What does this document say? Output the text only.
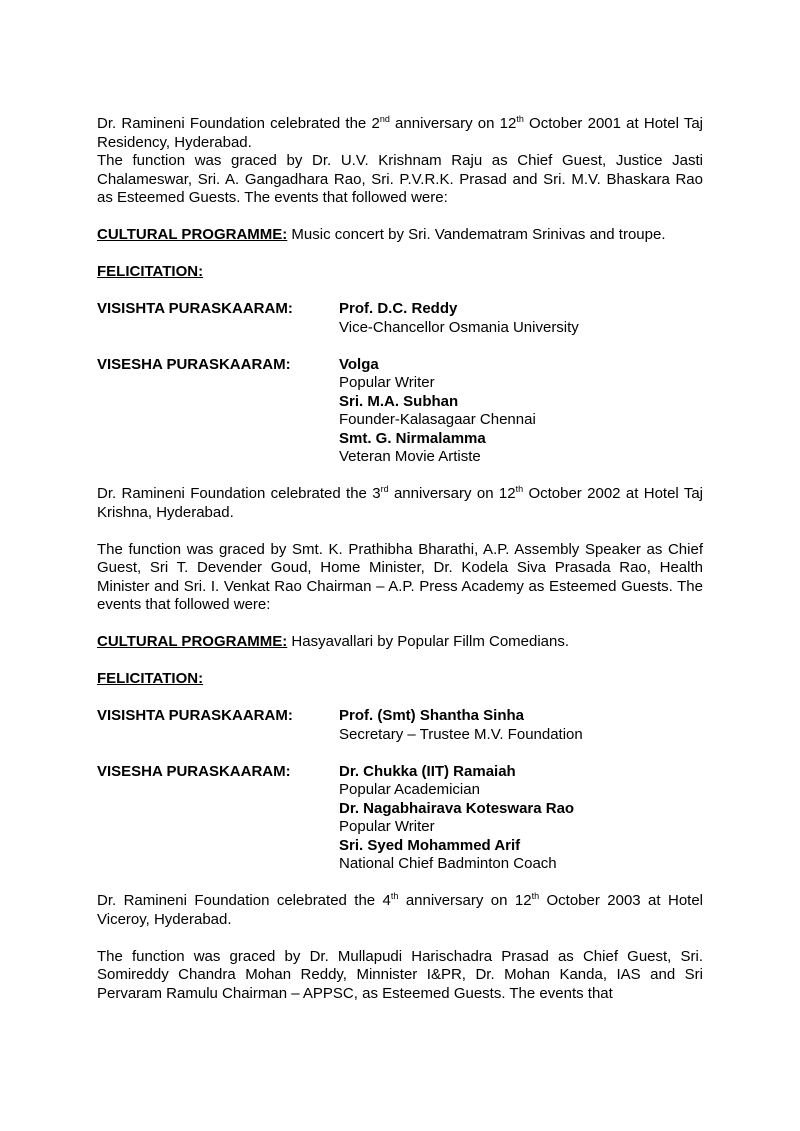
Dr. Ramineni Foundation celebrated the 2nd anniversary on 12th October 2001 at Hotel Taj Residency, Hyderabad.

The function was graced by Dr. U.V. Krishnam Raju as Chief Guest, Justice Jasti Chalameswar, Sri. A. Gangadhara Rao, Sri. P.V.R.K. Prasad and Sri. M.V. Bhaskara Rao as Esteemed Guests. The events that followed were:

CULTURAL PROGRAMME: Music concert by Sri. Vandematram Srinivas and troupe.

FELICITATION:

VISISHTA PURASKAARAM:	Prof. D.C. Reddy
Vice-Chancellor Osmania University
VISESHA PURASKAARAM:	Volga
Popular Writer
Sri. M.A. Subhan
Founder-Kalasagaar Chennai
Smt. G. Nirmalamma
Veteran Movie Artiste

Dr. Ramineni Foundation celebrated the 3rd anniversary on 12th October 2002 at Hotel Taj Krishna, Hyderabad.

The function was graced by Smt. K. Prathibha Bharathi, A.P. Assembly Speaker as Chief Guest, Sri T. Devender Goud, Home Minister, Dr. Kodela Siva Prasada Rao, Health Minister and Sri. I. Venkat Rao Chairman – A.P. Press Academy as Esteemed Guests. The events that followed were:

CULTURAL PROGRAMME: Hasyavallari by Popular Fillm Comedians.

FELICITATION:

VISISHTA PURASKAARAM:	Prof. (Smt) Shantha Sinha
Secretary – Trustee M.V. Foundation
VISESHA PURASKAARAM:	Dr. Chukka (IIT) Ramaiah
Popular Academician
Dr. Nagabhairava Koteswara Rao
Popular Writer
Sri. Syed Mohammed Arif
National Chief Badminton Coach

Dr. Ramineni Foundation celebrated the 4th anniversary on 12th October 2003 at Hotel Viceroy, Hyderabad.

The function was graced by Dr. Mullapudi Harischadra Prasad as Chief Guest, Sri. Somireddy Chandra Mohan Reddy, Minnister I&PR, Dr. Mohan Kanda, IAS and Sri Pervaram Ramulu Chairman – APPSC, as Esteemed Guests. The events that
